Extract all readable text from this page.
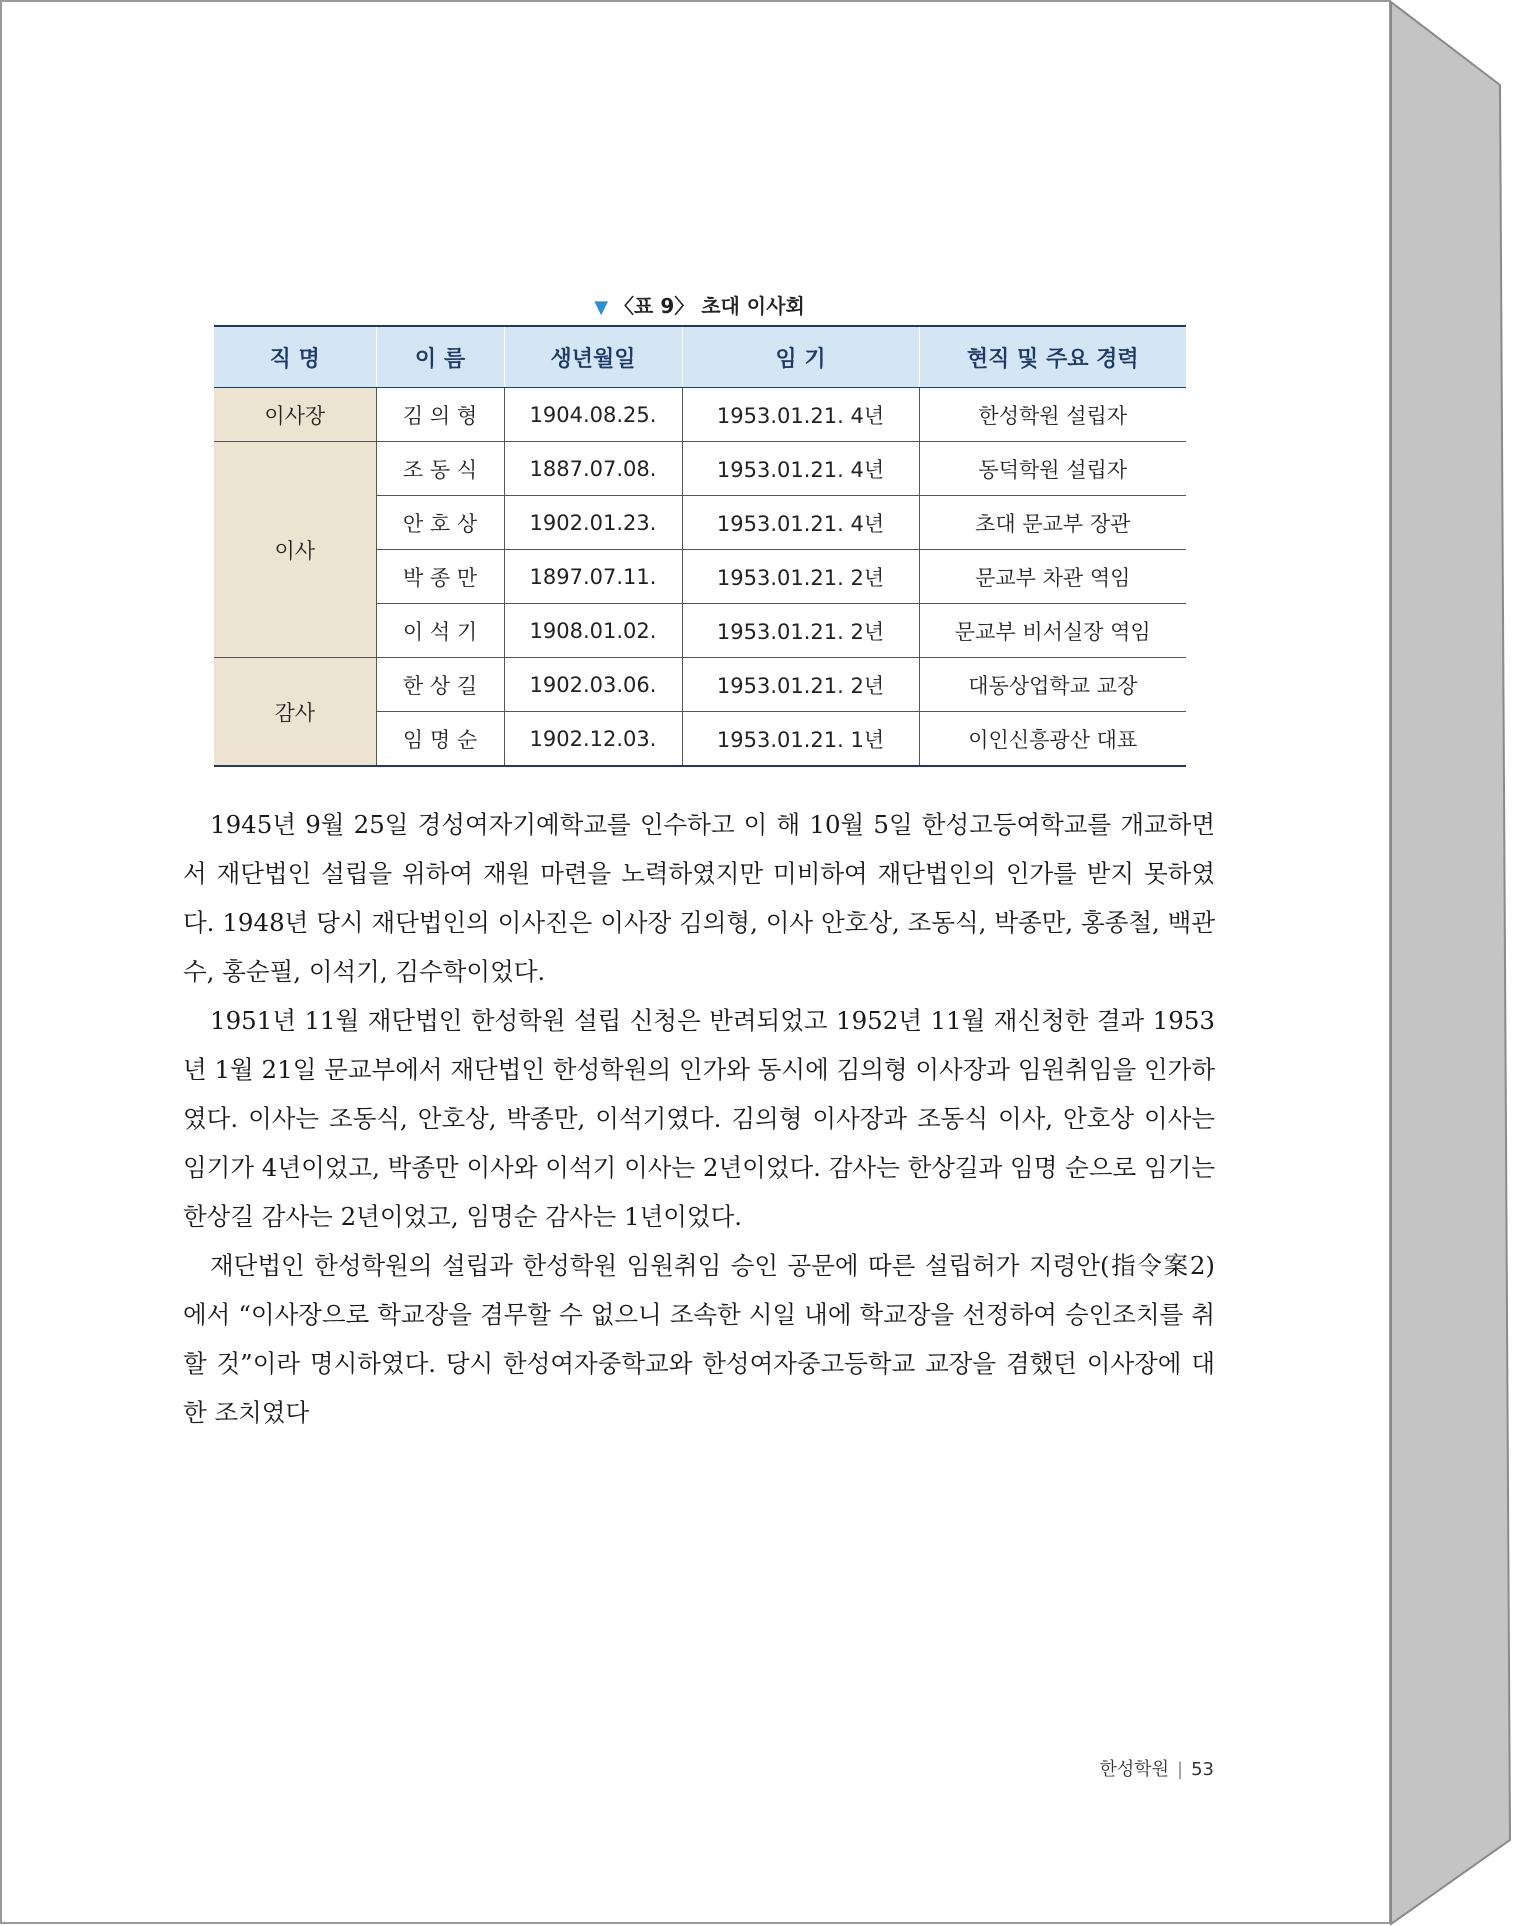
▼ 〈표 9〉 초대 이사회
직 명	이 름	생년월일	임 기	현직 및 주요 경력
이사장	김 의 형	1904.08.25.	1953.01.21. 4년	한성학원 설립자
이사	조 동 식	1887.07.08.	1953.01.21. 4년	동덕학원 설립자
	안 호 상	1902.01.23.	1953.01.21. 4년	초대 문교부 장관
	박 종 만	1897.07.11.	1953.01.21. 2년	문교부 차관 역임
	이 석 기	1908.01.02.	1953.01.21. 2년	문교부 비서실장 역임
감사	한 상 길	1902.03.06.	1953.01.21. 2년	대동상업학교 교장
	임 명 순	1902.12.03.	1953.01.21. 1년	이인신흥광산 대표

1945년 9월 25일 경성여자기예학교를 인수하고 이 해 10월 5일 한성고등여학교를 개교하면서 재단법인 설립을 위하여 재원 마련을 노력하였지만 미비하여 재단법인의 인가를 받지 못하였다. 1948년 당시 재단법인의 이사진은 이사장 김의형, 이사 안호상, 조동식, 박종만, 홍종철, 백관수, 홍순필, 이석기, 김수학이었다.

1951년 11월 재단법인 한성학원 설립 신청은 반려되었고 1952년 11월 재신청한 결과 1953년 1월 21일 문교부에서 재단법인 한성학원의 인가와 동시에 김의형 이사장과 임원취임을 인가하였다. 이사는 조동식, 안호상, 박종만, 이석기였다. 김의형 이사장과 조동식 이사, 안호상 이사는 임기가 4년이었고, 박종만 이사와 이석기 이사는 2년이었다. 감사는 한상길과 임명 순으로 임기는 한상길 감사는 2년이었고, 임명순 감사는 1년이었다.

재단법인 한성학원의 설립과 한성학원 임원취임 승인 공문에 따른 설립허가 지령안(指令案2)에서 “이사장으로 학교장을 겸무할 수 없으니 조속한 시일 내에 학교장을 선정하여 승인조치를 취할 것”이라 명시하였다. 당시 한성여자중학교와 한성여자중고등학교 교장을 겸했던 이사장에 대한 조치였다

한성학원 | 53
